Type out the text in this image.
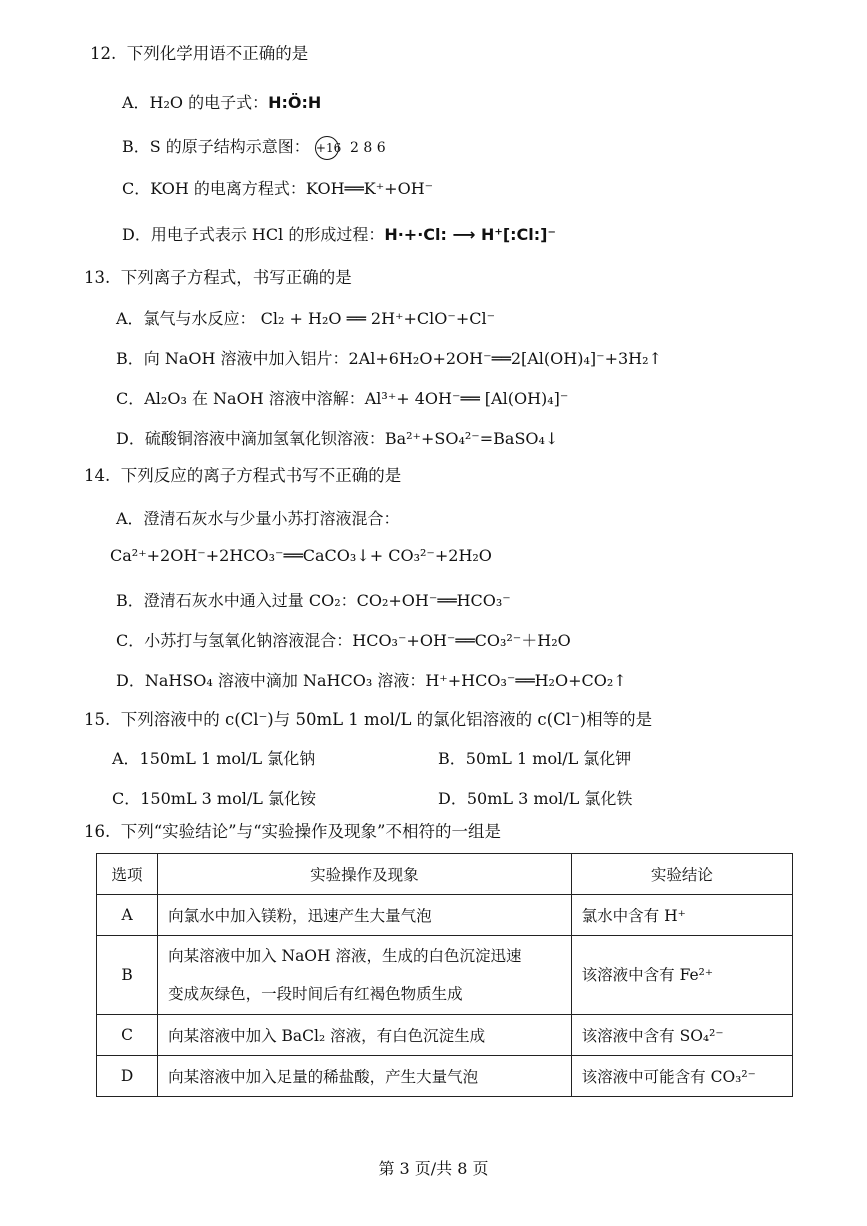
12. 下列化学用语不正确的是
A．H₂O 的电子式：H:Ö:H
B．S 的原子结构示意图： +16 2 8 6
C．KOH 的电离方程式：KOH══K⁺+OH⁻
D．用电子式表示 HCl 的形成过程：H·+·Cl: ⟶ H⁺[:Cl:]⁻
13. 下列离子方程式，书写正确的是
A．氯气与水反应： Cl₂ + H₂O ══ 2H⁺+ClO⁻+Cl⁻
B．向 NaOH 溶液中加入铝片：2Al+6H₂O+2OH⁻══2[Al(OH)₄]⁻+3H₂↑
C．Al₂O₃ 在 NaOH 溶液中溶解：Al³⁺+ 4OH⁻══ [Al(OH)₄]⁻
D．硫酸铜溶液中滴加氢氧化钡溶液：Ba²⁺+SO₄²⁻=BaSO₄↓
14. 下列反应的离子方程式书写不正确的是
A．澄清石灰水与少量小苏打溶液混合：
Ca²⁺+2OH⁻+2HCO₃⁻══CaCO₃↓+ CO₃²⁻+2H₂O
B．澄清石灰水中通入过量 CO₂：CO₂+OH⁻══HCO₃⁻
C．小苏打与氢氧化钠溶液混合：HCO₃⁻+OH⁻══CO₃²⁻＋H₂O
D．NaHSO₄ 溶液中滴加 NaHCO₃ 溶液：H⁺+HCO₃⁻══H₂O+CO₂↑
15. 下列溶液中的 c(Cl⁻)与 50mL 1 mol/L 的氯化铝溶液的 c(Cl⁻)相等的是
A．150mL 1 mol/L 氯化钠	B．50mL 1 mol/L 氯化钾
C．150mL 3 mol/L 氯化铵	D．50mL 3 mol/L 氯化铁
16. 下列“实验结论”与“实验操作及现象”不相符的一组是
选项	实验操作及现象	实验结论
A	向氯水中加入镁粉，迅速产生大量气泡	氯水中含有 H⁺
B	向某溶液中加入 NaOH 溶液，生成的白色沉淀迅速
变成灰绿色，一段时间后有红褐色物质生成	该溶液中含有 Fe²⁺
C	向某溶液中加入 BaCl₂ 溶液，有白色沉淀生成	该溶液中含有 SO₄²⁻
D	向某溶液中加入足量的稀盐酸，产生大量气泡	该溶液中可能含有 CO₃²⁻
第 3 页/共 8 页
